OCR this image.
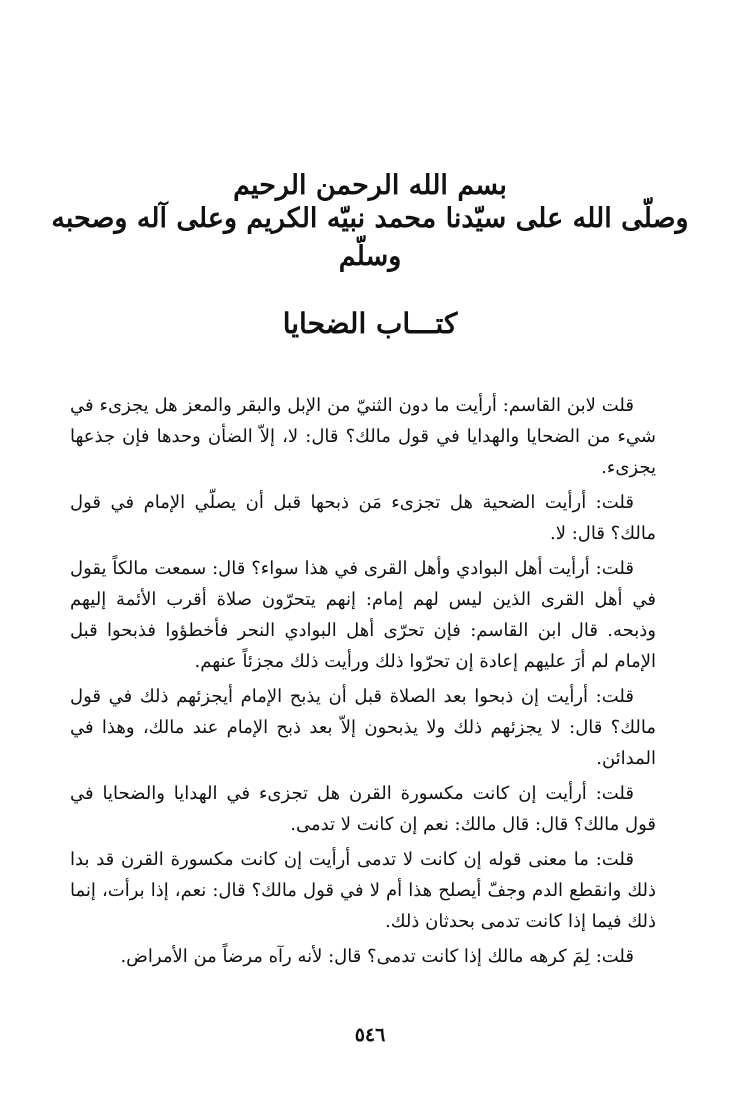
بسم الله الرحمن الرحيم
وصلّى الله على سيّدنا محمد نبيّه الكريم وعلى آله وصحبه وسلّم
كتـــاب الضحايا

قلت لابن القاسم: أرأيت ما دون الثنيّ من الإبل والبقر والمعز هل يجزىء في شيء من الضحايا والهدايا في قول مالك؟ قال: لا، إلاّ الضأن وحدها فإن جذعها يجزىء.

قلت: أرأيت الضحية هل تجزىء مَن ذبحها قبل أن يصلّي الإمام في قول مالك؟ قال: لا.

قلت: أرأيت أهل البوادي وأهل القرى في هذا سواء؟ قال: سمعت مالكاً يقول في أهل القرى الذين ليس لهم إمام: إنهم يتحرّون صلاة أقرب الأئمة إليهم وذبحه. قال ابن القاسم: فإن تحرّى أهل البوادي النحر فأخطؤوا فذبحوا قبل الإمام لم أرَ عليهم إعادة إن تحرّوا ذلك ورأيت ذلك مجزئاً عنهم.

قلت: أرأيت إن ذبحوا بعد الصلاة قبل أن يذبح الإمام أيجزئهم ذلك في قول مالك؟ قال: لا يجزئهم ذلك ولا يذبحون إلاّ بعد ذبح الإمام عند مالك، وهذا في المدائن.

قلت: أرأيت إن كانت مكسورة القرن هل تجزىء في الهدايا والضحايا في قول مالك؟ قال: قال مالك: نعم إن كانت لا تدمى.

قلت: ما معنى قوله إن كانت لا تدمى أرأيت إن كانت مكسورة القرن قد بدا ذلك وانقطع الدم وجفّ أيصلح هذا أم لا في قول مالك؟ قال: نعم، إذا برأت، إنما ذلك فيما إذا كانت تدمى بحدثان ذلك.

قلت: لِمَ كرهه مالك إذا كانت تدمى؟ قال: لأنه رآه مرضاً من الأمراض.

٥٤٦
